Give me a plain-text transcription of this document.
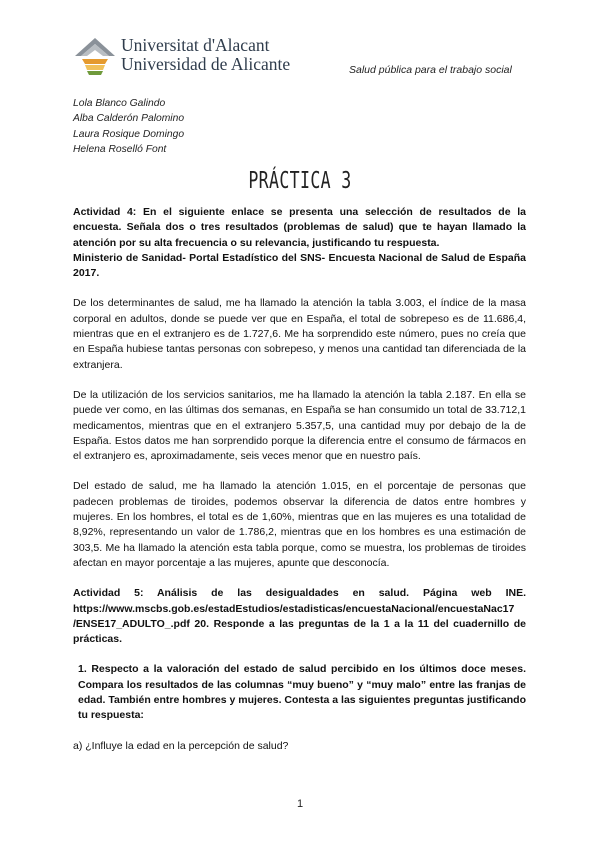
Universitat d'Alacant
Universidad de Alicante	Salud pública para el trabajo social
Lola Blanco Galindo
Alba Calderón Palomino
Laura Rosique Domingo
Helena Roselló Font
PRÁCTICA 3

Actividad 4: En el siguiente enlace se presenta una selección de resultados de la encuesta. Señala dos o tres resultados (problemas de salud) que te hayan llamado la atención por su alta frecuencia o su relevancia, justificando tu respuesta.

Ministerio de Sanidad- Portal Estadístico del SNS- Encuesta Nacional de Salud de España 2017.

De los determinantes de salud, me ha llamado la atención la tabla 3.003, el índice de la masa corporal en adultos, donde se puede ver que en España, el total de sobrepeso es de 11.686,4, mientras que en el extranjero es de 1.727,6. Me ha sorprendido este número, pues no creía que en España hubiese tantas personas con sobrepeso, y menos una cantidad tan diferenciada de la extranjera.

De la utilización de los servicios sanitarios, me ha llamado la atención la tabla 2.187. En ella se puede ver como, en las últimas dos semanas, en España se han consumido un total de 33.712,1 medicamentos, mientras que en el extranjero 5.357,5, una cantidad muy por debajo de la de España. Estos datos me han sorprendido porque la diferencia entre el consumo de fármacos en el extranjero es, aproximadamente, seis veces menor que en nuestro país.

Del estado de salud, me ha llamado la atención 1.015, en el porcentaje de personas que padecen problemas de tiroides, podemos observar la diferencia de datos entre hombres y mujeres. En los hombres, el total es de 1,60%, mientras que en las mujeres es una totalidad de 8,92%, representando un valor de 1.786,2, mientras que en los hombres es una estimación de 303,5. Me ha llamado la atención esta tabla porque, como se muestra, los problemas de tiroides afectan en mayor porcentaje a las mujeres, apunte que desconocía.

Actividad 5: Análisis de las desigualdades en salud. Página web INE. https://www.mscbs.gob.es/estadEstudios/estadisticas/encuestaNacional/encuestaNac17 /ENSE17_ADULTO_.pdf 20. Responde a las preguntas de la 1 a la 11 del cuadernillo de prácticas.

1. Respecto a la valoración del estado de salud percibido en los últimos doce meses. Compara los resultados de las columnas “muy bueno” y “muy malo” entre las franjas de edad. También entre hombres y mujeres. Contesta a las siguientes preguntas justificando tu respuesta:

a) ¿Influye la edad en la percepción de salud?

1
